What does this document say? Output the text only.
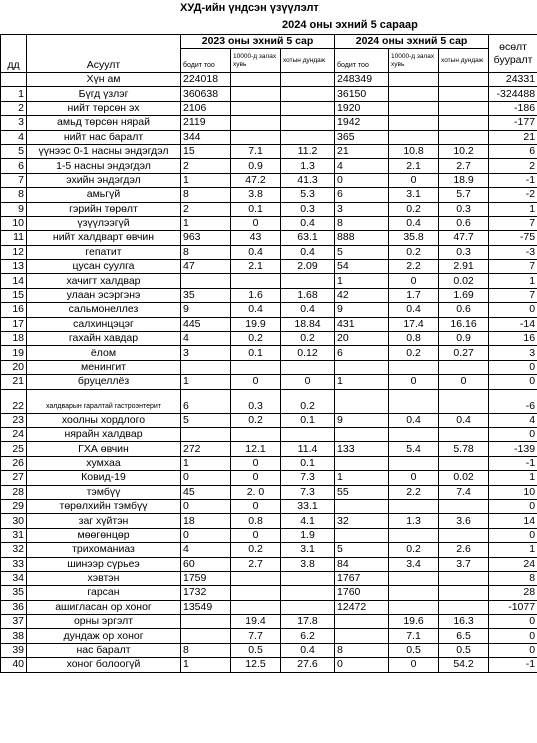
ХУД-ийн үндсэн үзүүлэлт
2024 оны эхний 5 сараар
дд	Асуулт	2023 оны эхний 5 сар			2024 оны эхний 5 сар			өсөлт бууралт
		бодит тоо	10000-д залах хувь	хотын дундаж	бодит тоо	10000-д залах хувь	хотын дундаж	

	Хүн ам	224018			248349			24331
1	Бүгд үзлэг	360638			36150			-324488
2	нийт төрсөн эх	2106			1920			-186
3	амьд төрсөн нярай	2119			1942			-177
4	нийт нас баралт	344			365			21
5	үүнээс 0-1 насны эндэгдэл	15	7.1	11.2	21	10.8	10.2	6
6	1-5 насны эндэгдэл	2	0.9	1.3	4	2.1	2.7	2
7	эхийн эндэгдэл	1	47.2	41.3	0	0	18.9	-1
8	амьгүй	8	3.8	5.3	6	3.1	5.7	-2
9	гэрийн төрөлт	2	0.1	0.3	3	0.2	0.3	1
10	үзүүлээгүй	1	0	0.4	8	0.4	0.6	7
11	нийт халдварт өвчин	963	43	63.1	888	35.8	47.7	-75
12	гепатит	8	0.4	0.4	5	0.2	0.3	-3
13	цусан суулга	47	2.1	2.09	54	2.2	2.91	7
14	хачигт халдвар				1	0	0.02	1
15	улаан эсэргэнэ	35	1.6	1.68	42	1.7	1.69	7
16	сальмонеллез	9	0.4	0.4	9	0.4	0.6	0
17	салхинцэцэг	445	19.9	18.84	431	17.4	16.16	-14
18	гахайн хавдар	4	0.2	0.2	20	0.8	0.9	16
19	ёлом	3	0.1	0.12	6	0.2	0.27	3
20	менингит							0
21	бруцеллёз	1	0	0	1	0	0	0
22	халдварын гаралтай гастроэнтерит	6	0.3	0.2				-6
23	хоолны хордлого	5	0.2	0.1	9	0.4	0.4	4
24	нярайн халдвар							0
25	ГХА өвчин	272	12.1	11.4	133	5.4	5.78	-139
26	хумхаа	1	0	0.1				-1
27	Ковид-19	0	0	7.3	1	0	0.02	1
28	тэмбүү	45	2. 0	7.3	55	2.2	7.4	10
29	төрөлхийн тэмбүү	0	0	33.1				0
30	заг хүйтэн	18	0.8	4.1	32	1.3	3.6	14
31	мөөгөнцөр	0	0	1.9				0
32	трихоманиаз	4	0.2	3.1	5	0.2	2.6	1
33	шинээр сүрьеэ	60	2.7	3.8	84	3.4	3.7	24
34	хэвтэн	1759			1767			8
35	гарсан	1732			1760			28
36	ашигласан ор хоног	13549			12472			-1077
37	орны эргэлт		19.4	17.8		19.6	16.3	0
38	дундаж ор хоног		7.7	6.2		7.1	6.5	0
39	нас баралт	8	0.5	0.4	8	0.5	0.5	0
40	хоног болоогүй	1	12.5	27.6	0	0	54.2	-1
